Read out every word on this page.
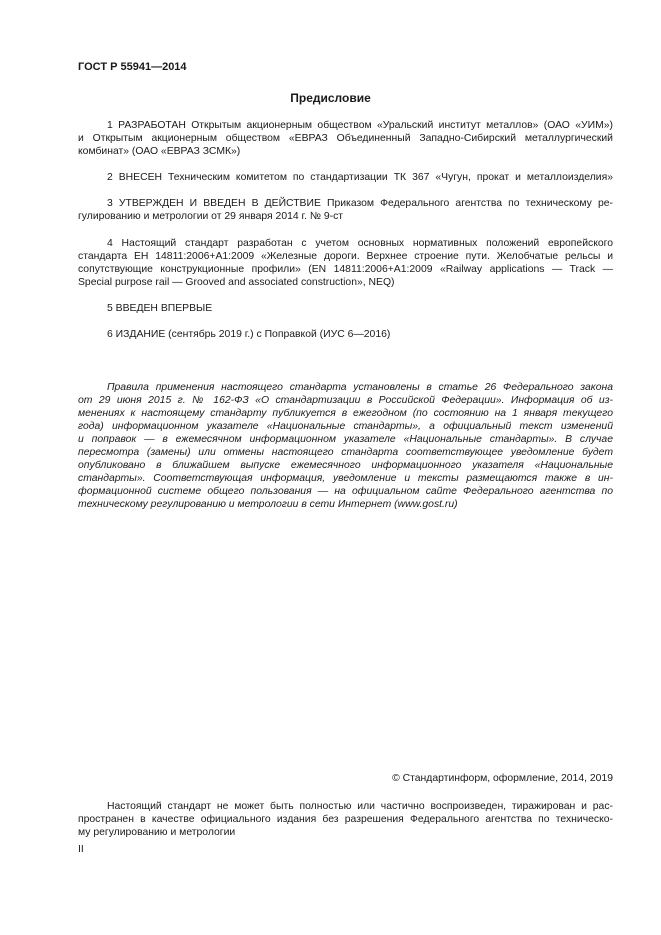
ГОСТ Р 55941—2014
Предисловие
1 РАЗРАБОТАН Открытым акционерным обществом «Уральский институт металлов» (ОАО «УИМ»)
и Открытым акционерным обществом «ЕВРАЗ Объединенный Западно-Сибирский металлургический
комбинат» (ОАО «ЕВРАЗ ЗСМК»)
2 ВНЕСЕН Техническим комитетом по стандартизации ТК 367 «Чугун, прокат и металлоизделия»
3 УТВЕРЖДЕН И ВВЕДЕН В ДЕЙСТВИЕ Приказом Федерального агентства по техническому ре-
гулированию и метрологии от 29 января 2014 г. № 9-ст
4 Настоящий стандарт разработан с учетом основных нормативных положений европейского
стандарта ЕН 14811:2006+А1:2009 «Железные дороги. Верхнее строение пути. Желобчатые рельсы и
сопутствующие конструкционные профили» (EN 14811:2006+A1:2009 «Railway applications — Track —
Special purpose rail — Grooved and associated construction», NEQ)
5 ВВЕДЕН ВПЕРВЫЕ
6 ИЗДАНИЕ (сентябрь 2019 г.) с Поправкой (ИУС 6—2016)
Правила применения настоящего стандарта установлены в статье 26 Федерального закона
от 29 июня 2015 г. № 162-ФЗ «О стандартизации в Российской Федерации». Информация об из-
менениях к настоящему стандарту публикуется в ежегодном (по состоянию на 1 января текущего
года) информационном указателе «Национальные стандарты», а официальный текст изменений
и поправок — в ежемесячном информационном указателе «Национальные стандарты». В случае
пересмотра (замены) или отмены настоящего стандарта соответствующее уведомление будет
опубликовано в ближайшем выпуске ежемесячного информационного указателя «Национальные
стандарты». Соответствующая информация, уведомление и тексты размещаются также в ин-
формационной системе общего пользования — на официальном сайте Федерального агентства по
техническому регулированию и метрологии в сети Интернет (www.gost.ru)
© Стандартинформ, оформление, 2014, 2019
Настоящий стандарт не может быть полностью или частично воспроизведен, тиражирован и рас-
пространен в качестве официального издания без разрешения Федерального агентства по техническо-
му регулированию и метрологии
II
